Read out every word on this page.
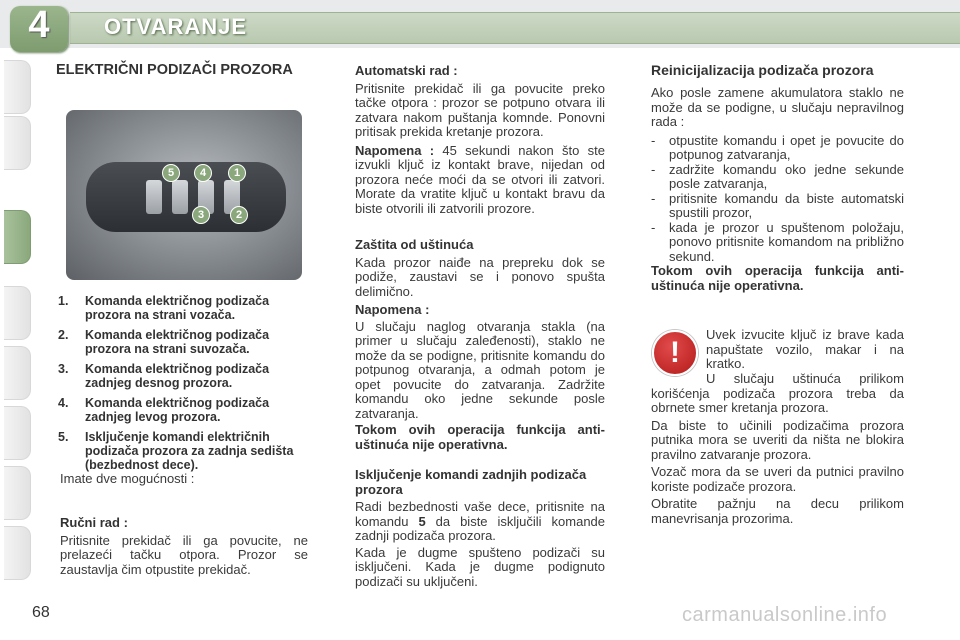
4	OTVARANJE
ELEKTRIČNI PODIZAČI PROZORA
5	4	1
3	2
1. Komanda električnog podizača prozora na strani vozača.
2. Komanda električnog podizača prozora na strani suvozača.
3. Komanda električnog podizača zadnjeg desnog prozora.
4. Komanda električnog podizača zadnjeg levog prozora.
5. Isključenje komandi električnih podizača prozora za zadnja sedišta (bezbednost dece).

Imate dve mogućnosti :

Ručni rad :

Pritisnite prekidač ili ga povucite, ne prelazeći tačku otpora. Prozor se zaustavlja čim otpustite prekidač.

Automatski rad :

Pritisnite prekidač ili ga povucite preko tačke otpora : prozor se potpuno otvara ili zatvara nakom puštanja komnde. Ponovni pritisak prekida kretanje prozora.

Napomena : 45 sekundi nakon što ste izvukli ključ iz kontakt brave, nijedan od prozora neće moći da se otvori ili zatvori. Morate da vratite ključ u kontakt bravu da biste otvorili ili zatvorili prozore.

Zaštita od uštinuća

Kada prozor naiđe na prepreku dok se podiže, zaustavi se i ponovo spušta delimično.

Napomena :

U slučaju naglog otvaranja stakla (na primer u slučaju zaleđenosti), staklo ne može da se podigne, pritisnite komandu do potpunog otvaranja, a odmah potom je opet povucite do zatvaranja. Zadržite komandu oko jedne sekunde posle zatvaranja.

Tokom ovih operacija funkcija anti- uštinuća nije operativna.

Isključenje komandi zadnjih podizača prozora

Radi bezbednosti vaše dece, pritisnite na komandu 5 da biste isključili komande zadnji podizača prozora.

Kada je dugme spušteno podizači su isključeni. Kada je dugme podignuto podizači su uključeni.

Reinicijalizacija podizača prozora

Ako posle zamene akumulatora staklo ne može da se podigne, u slučaju nepravilnog rada :

- otpustite komandu i opet je povucite do potpunog zatvaranja,
- zadržite komandu oko jedne sekunde posle zatvaranja,
- pritisnite komandu da biste automatski spustili prozor,
- kada je prozor u spuštenom položaju, ponovo pritisnite komandom na približno sekund.

Tokom ovih operacija funkcija anti-uštinuća nije operativna.

!

Uvek izvucite ključ iz brave kada napuštate vozilo, makar i na kratko.

U slučaju uštinuća prilikom korišćenja podizača prozora treba da obrnete smer kretanja prozora.

Da biste to učinili podizačima prozora putnika mora se uveriti da ništa ne blokira pravilno zatvaranje prozora.

Vozač mora da se uveri da putnici pravilno koriste podizače prozora.

Obratite pažnju na decu prilikom manevrisanja prozorima.

68	carmanualsonline.info
